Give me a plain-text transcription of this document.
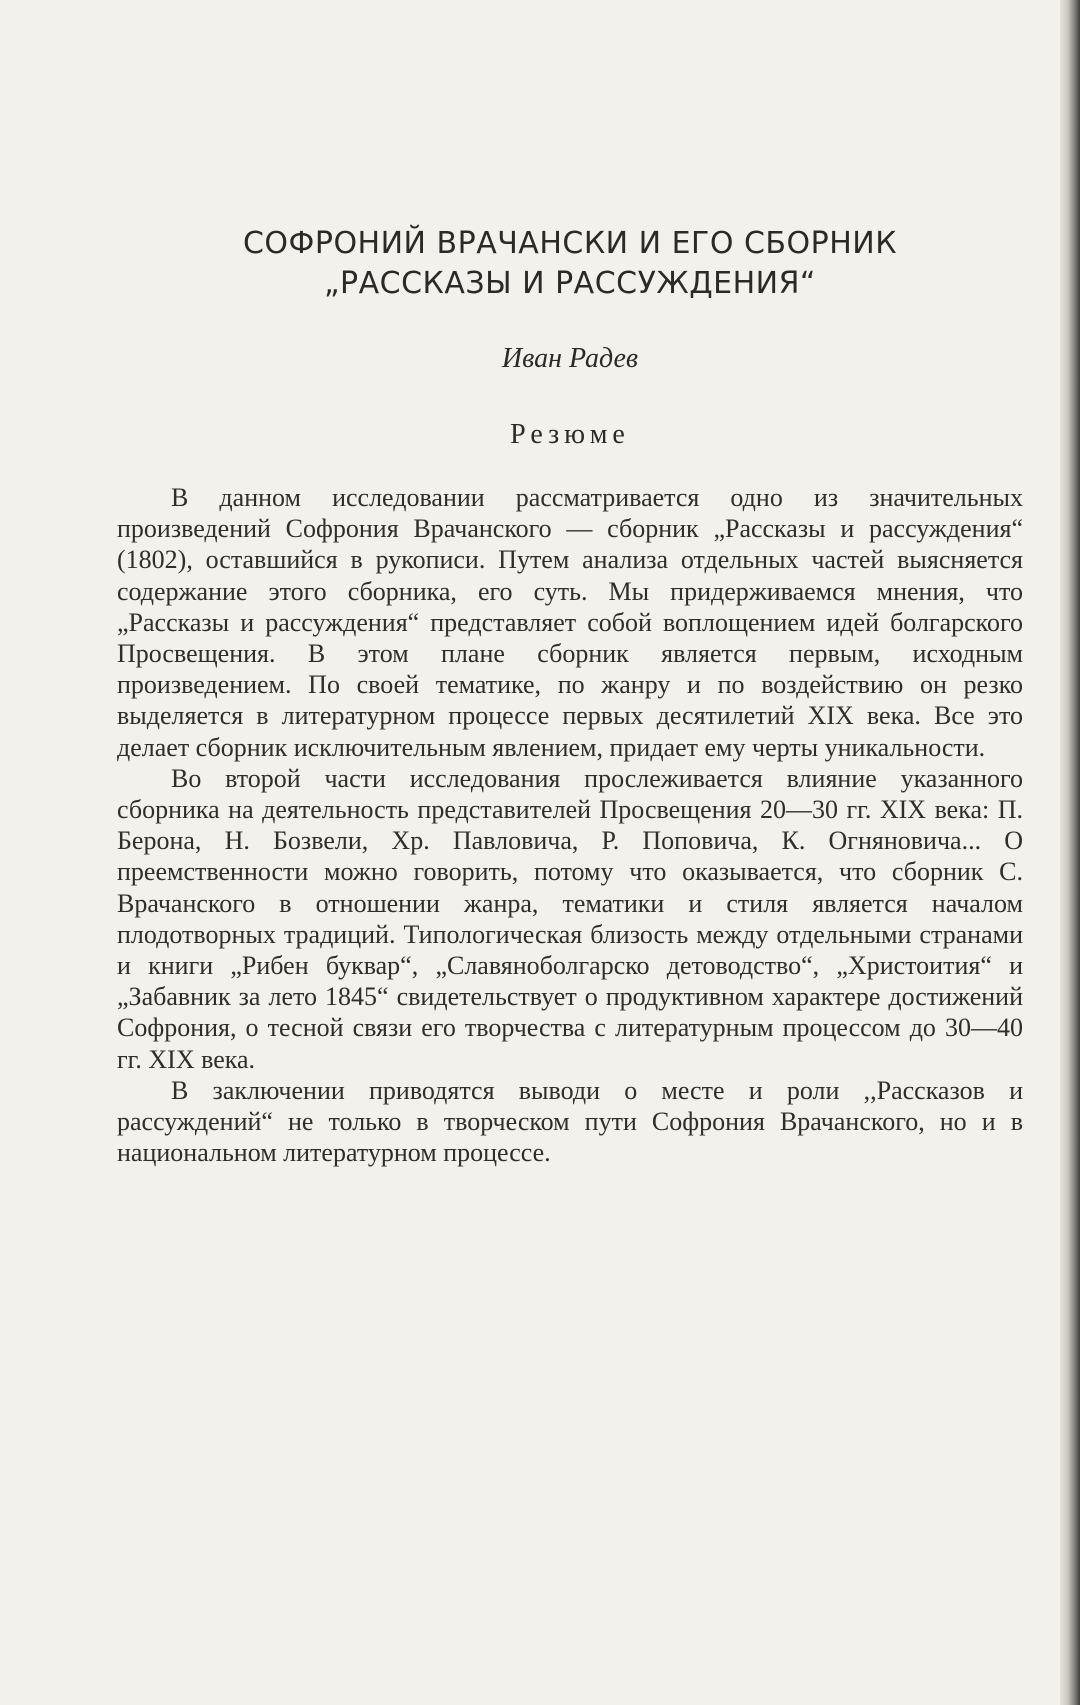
СОФРОНИЙ ВРАЧАНСКИ И ЕГО СБОРНИК
„РАССКАЗЫ И РАССУЖДЕНИЯ“
Иван Радев
Резюме

В данном исследовании рассматривается одно из значительных произведений Софрония Врачанского — сборник „Рассказы и рассуждения“ (1802), оставшийся в рукописи. Путем анализа отдельных частей выясняется содержание этого сборника, его суть. Мы придерживаемся мнения, что „Рассказы и рассуждения“ представляет собой воплощением идей болгарского Просвещения. В этом плане сборник является первым, исходным произведением. По своей тематике, по жанру и по воздействию он резко выделяется в литературном процессе первых десятилетий XIX века. Все это делает сборник исключительным явлением, придает ему черты уникальности.

Во второй части исследования прослеживается влияние указанного сборника на деятельность представителей Просвещения 20—30 гг. XIX века: П. Берона, Н. Бозвели, Хр. Павловича, Р. Поповича, К. Огняновича... О преемственности можно говорить, потому что оказывается, что сборник С. Врачанского в отношении жанра, тематики и стиля является началом плодотворных традиций. Типологическая близость между отдельными странами и книги „Рибен буквар“, „Славяноболгарско детоводство“, „Христоития“ и „Забавник за лето 1845“ свидетельствует о продуктивном характере достижений Софрония, о тесной связи его творчества с литературным процессом до 30—40 гг. XIX века.

В заключении приводятся выводи о месте и роли ,,Рассказов и рассуждений“ не только в творческом пути Софрония Врачанского, но и в национальном литературном процессе.
